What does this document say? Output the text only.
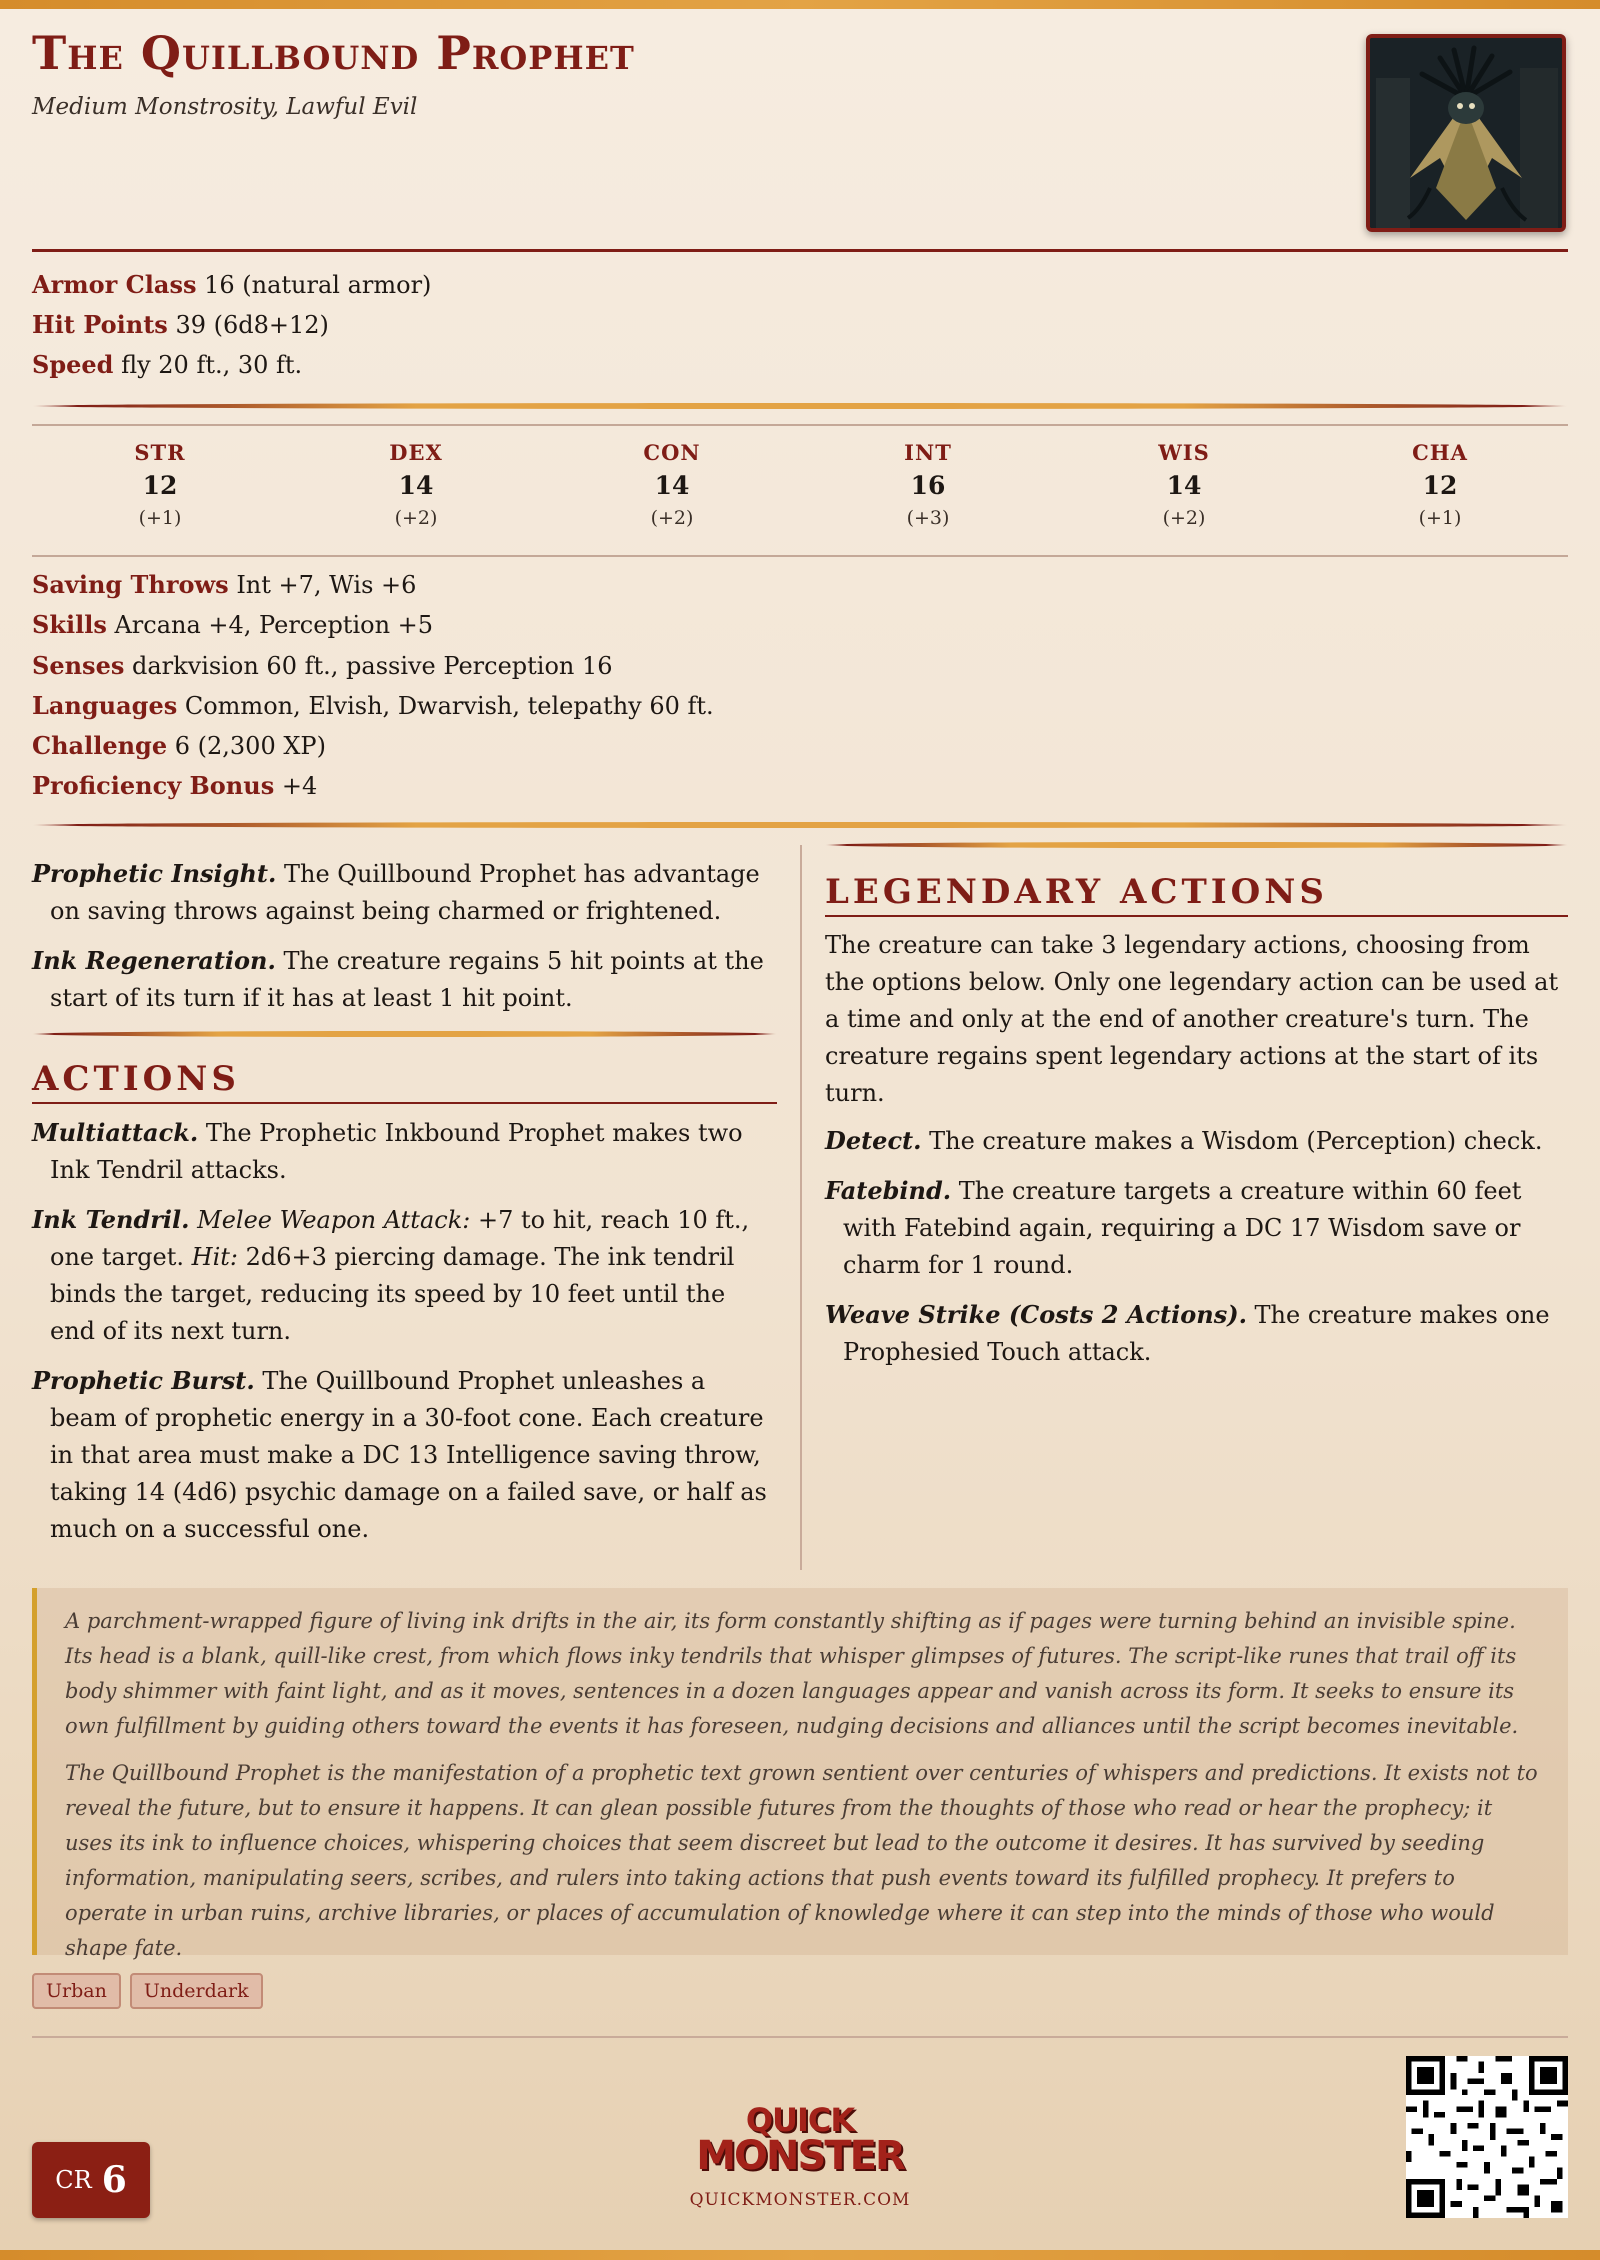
The Quillbound Prophet
Medium Monstrosity, Lawful Evil
Armor Class 16 (natural armor)
Hit Points 39 (6d8+12)
Speed fly 20 ft., 30 ft.
STR
12
(+1)
DEX
14
(+2)
CON
14
(+2)
INT
16
(+3)
WIS
14
(+2)
CHA
12
(+1)
Saving Throws Int +7, Wis +6
Skills Arcana +4, Perception +5
Senses darkvision 60 ft., passive Perception 16
Languages Common, Elvish, Dwarvish, telepathy 60 ft.
Challenge 6 (2,300 XP)
Proficiency Bonus +4

Prophetic Insight. The Quillbound Prophet has advantage on saving throws against being charmed or frightened.

Ink Regeneration. The creature regains 5 hit points at the start of its turn if it has at least 1 hit point.

ACTIONS

Multiattack. The Prophetic Inkbound Prophet makes two Ink Tendril attacks.

Ink Tendril. Melee Weapon Attack: +7 to hit, reach 10 ft., one target. Hit: 2d6+3 piercing damage. The ink tendril binds the target, reducing its speed by 10 feet until the end of its next turn.

Prophetic Burst. The Quillbound Prophet unleashes a beam of prophetic energy in a 30-foot cone. Each creature in that area must make a DC 13 Intelligence saving throw, taking 14 (4d6) psychic damage on a failed save, or half as much on a successful one.

LEGENDARY ACTIONS

The creature can take 3 legendary actions, choosing from the options below. Only one legendary action can be used at a time and only at the end of another creature's turn. The creature regains spent legendary actions at the start of its turn.

Detect. The creature makes a Wisdom (Perception) check.

Fatebind. The creature targets a creature within 60 feet with Fatebind again, requiring a DC 17 Wisdom save or charm for 1 round.

Weave Strike (Costs 2 Actions). The creature makes one Prophesied Touch attack.

A parchment-wrapped figure of living ink drifts in the air, its form constantly shifting as if pages were turning behind an invisible spine. Its head is a blank, quill-like crest, from which flows inky tendrils that whisper glimpses of futures. The script-like runes that trail off its body shimmer with faint light, and as it moves, sentences in a dozen languages appear and vanish across its form. It seeks to ensure its own fulfillment by guiding others toward the events it has foreseen, nudging decisions and alliances until the script becomes inevitable.

The Quillbound Prophet is the manifestation of a prophetic text grown sentient over centuries of whispers and predictions. It exists not to reveal the future, but to ensure it happens. It can glean possible futures from the thoughts of those who read or hear the prophecy; it uses its ink to influence choices, whispering choices that seem discreet but lead to the outcome it desires. It has survived by seeding information, manipulating seers, scribes, and rulers into taking actions that push events toward its fulfilled prophecy. It prefers to operate in urban ruins, archive libraries, or places of accumulation of knowledge where it can step into the minds of those who would shape fate.

Urban	Underdark
CR 6
QUICK
MONSTER
QUICKMONSTER.COM
